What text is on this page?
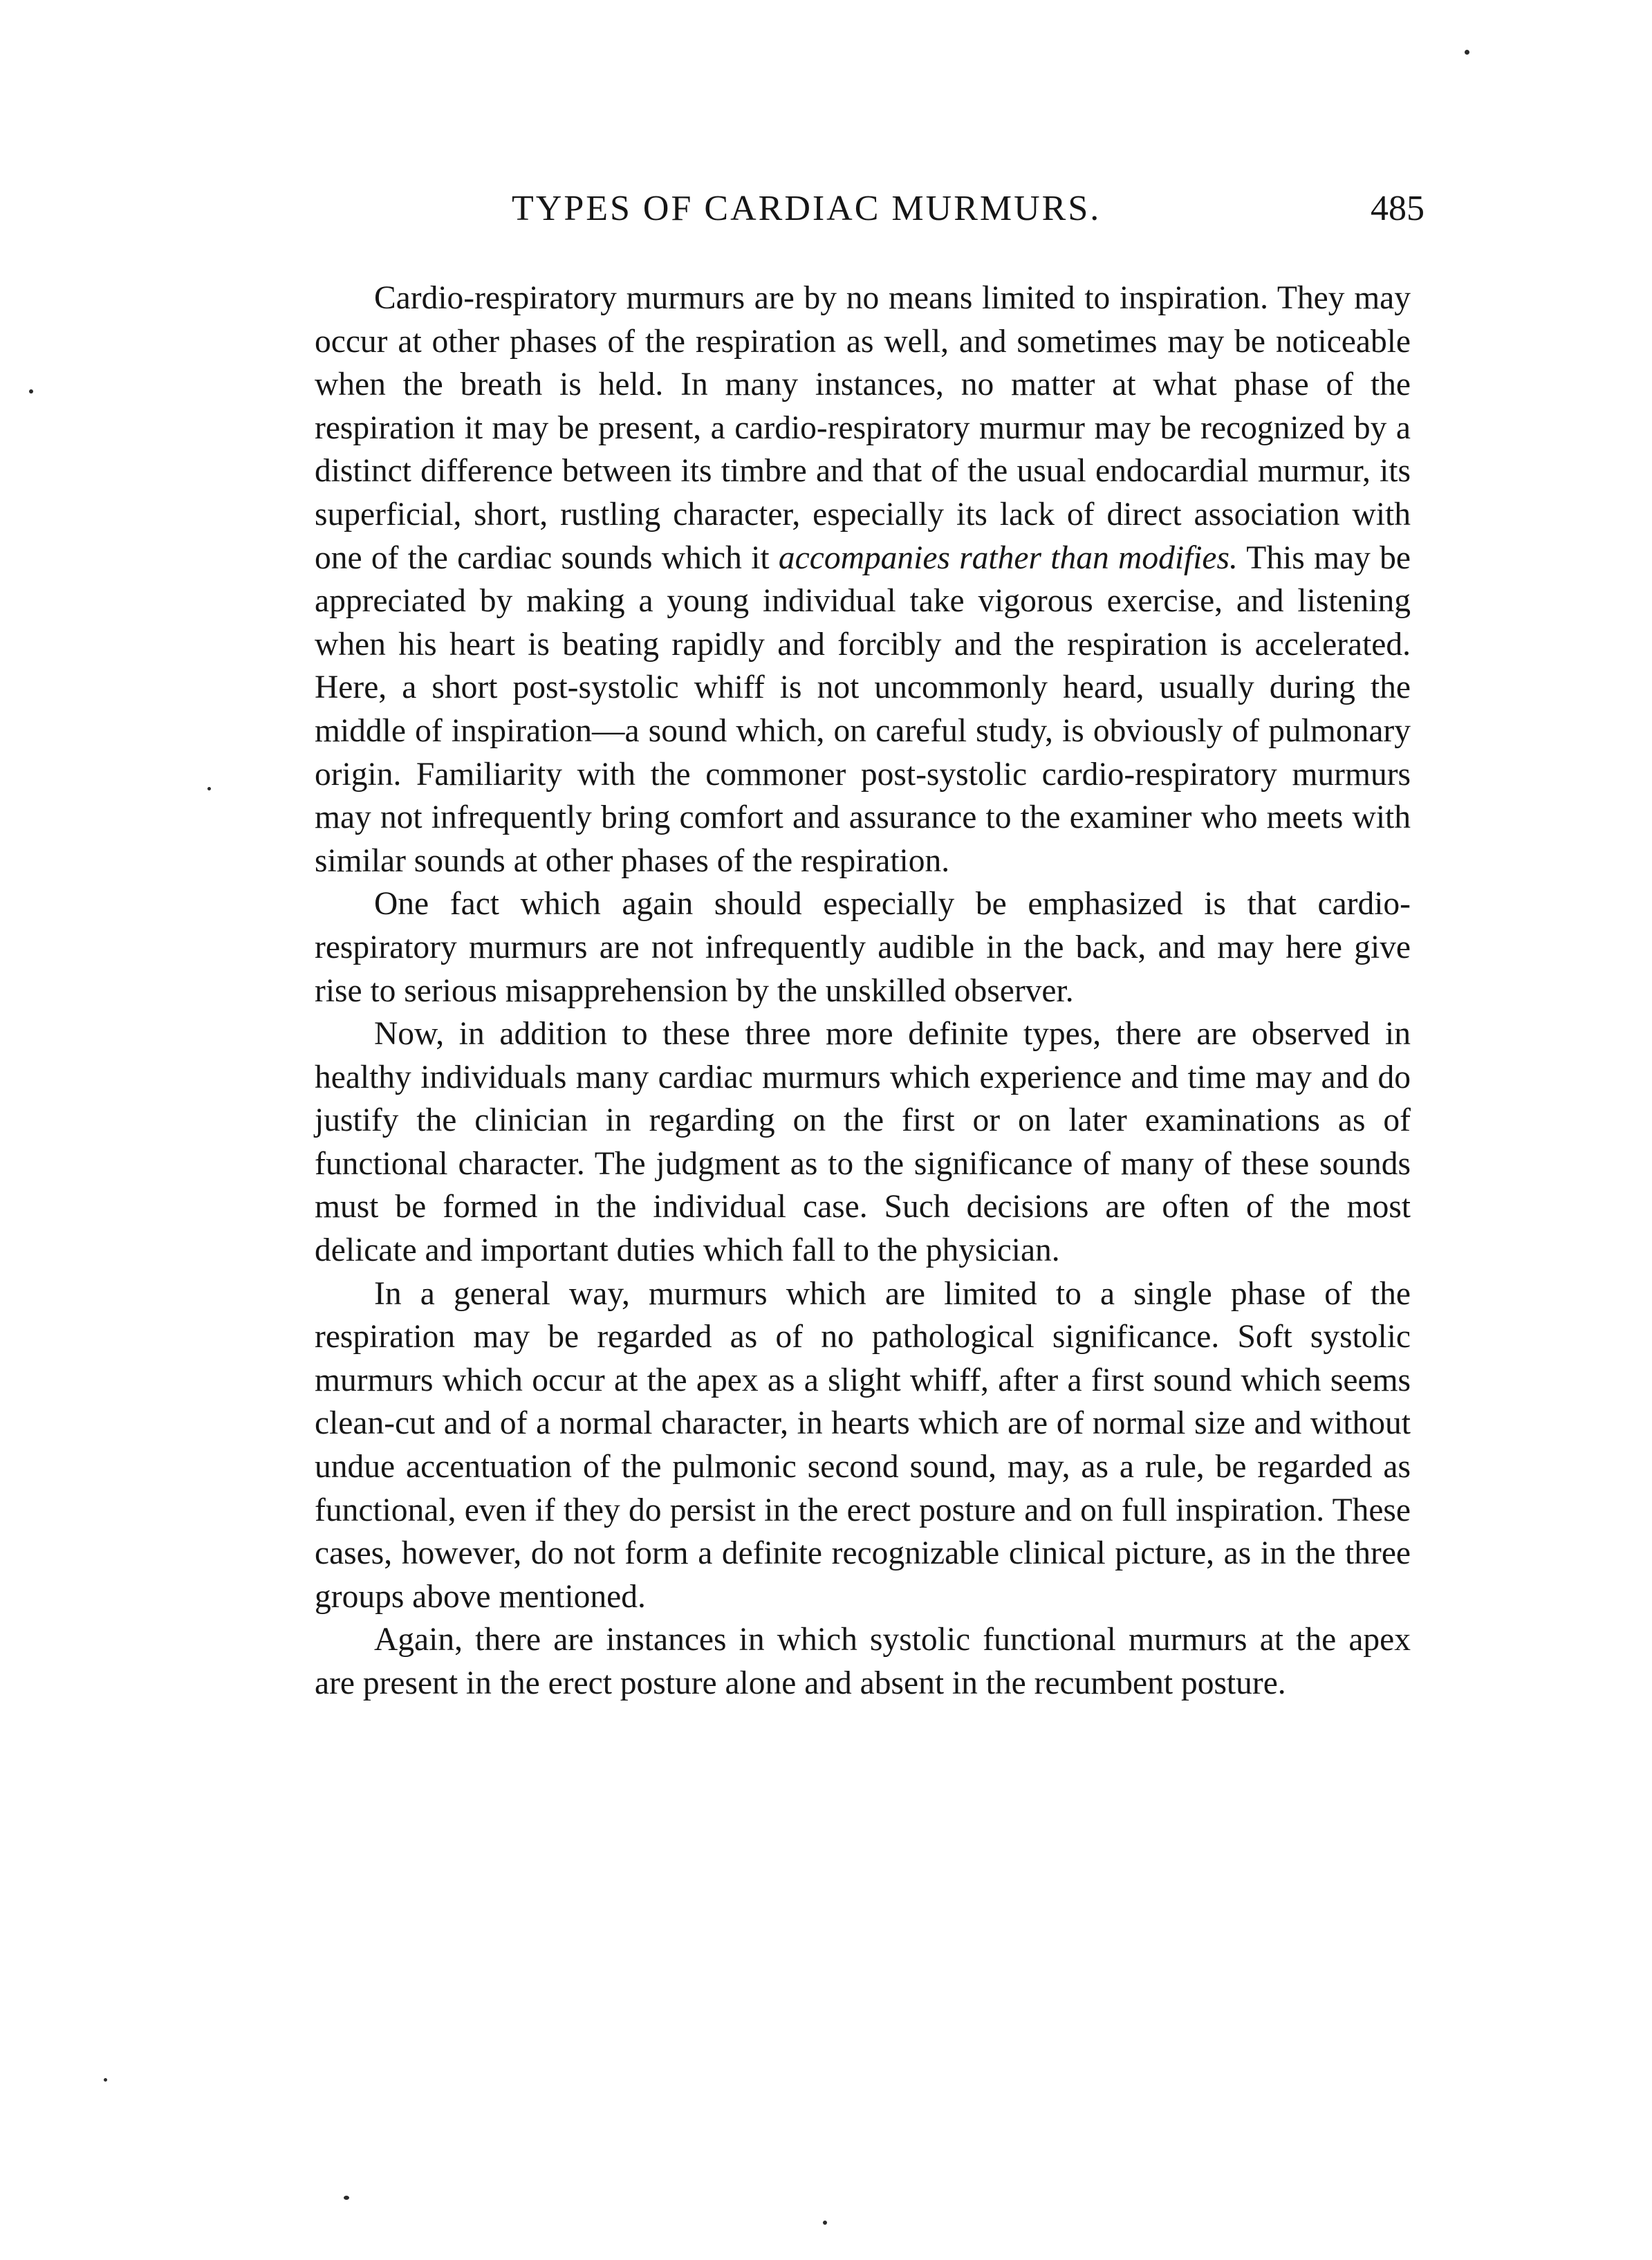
TYPES OF CARDIAC MURMURS.	485

Cardio-respiratory murmurs are by no means limited to inspiration. They may occur at other phases of the respiration as well, and sometimes may be noticeable when the breath is held. In many instances, no matter at what phase of the respiration it may be present, a cardio-respiratory murmur may be recognized by a distinct difference between its timbre and that of the usual endocardial murmur, its superficial, short, rustling character, especially its lack of direct association with one of the cardiac sounds which it accompanies rather than modifies. This may be appreciated by making a young individual take vigorous exercise, and listening when his heart is beating rapidly and forcibly and the respiration is accelerated. Here, a short post-systolic whiff is not uncommonly heard, usually during the middle of inspiration—a sound which, on careful study, is obviously of pulmonary origin. Familiarity with the commoner post-systolic cardio-respiratory murmurs may not infrequently bring comfort and assurance to the examiner who meets with similar sounds at other phases of the respiration.

One fact which again should especially be emphasized is that cardio-respiratory murmurs are not infrequently audible in the back, and may here give rise to serious misapprehension by the unskilled observer.

Now, in addition to these three more definite types, there are observed in healthy individuals many cardiac murmurs which experience and time may and do justify the clinician in regarding on the first or on later examinations as of functional character. The judgment as to the significance of many of these sounds must be formed in the individual case. Such decisions are often of the most delicate and important duties which fall to the physician.

In a general way, murmurs which are limited to a single phase of the respiration may be regarded as of no pathological significance. Soft systolic murmurs which occur at the apex as a slight whiff, after a first sound which seems clean-cut and of a normal character, in hearts which are of normal size and without undue accentuation of the pulmonic second sound, may, as a rule, be regarded as functional, even if they do persist in the erect posture and on full inspiration. These cases, however, do not form a definite recognizable clinical picture, as in the three groups above mentioned.

Again, there are instances in which systolic functional murmurs at the apex are present in the erect posture alone and absent in the recumbent posture.
